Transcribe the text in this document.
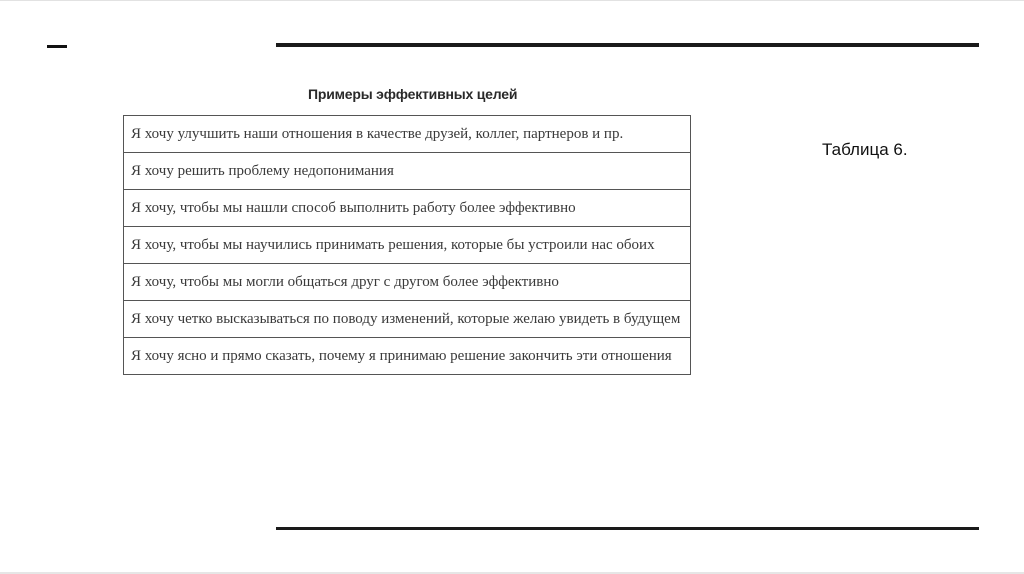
Примеры эффективных целей
Я хочу улучшить наши отношения в качестве друзей, коллег, партнеров и пр.
Я хочу решить проблему недопонимания
Я хочу, чтобы мы нашли способ выполнить работу более эффективно
Я хочу, чтобы мы научились принимать решения, которые бы устроили нас обоих
Я хочу, чтобы мы могли общаться друг с другом более эффективно
Я хочу четко высказываться по поводу изменений, которые желаю увидеть в будущем
Я хочу ясно и прямо сказать, почему я принимаю решение закончить эти отношения
Таблица 6.
